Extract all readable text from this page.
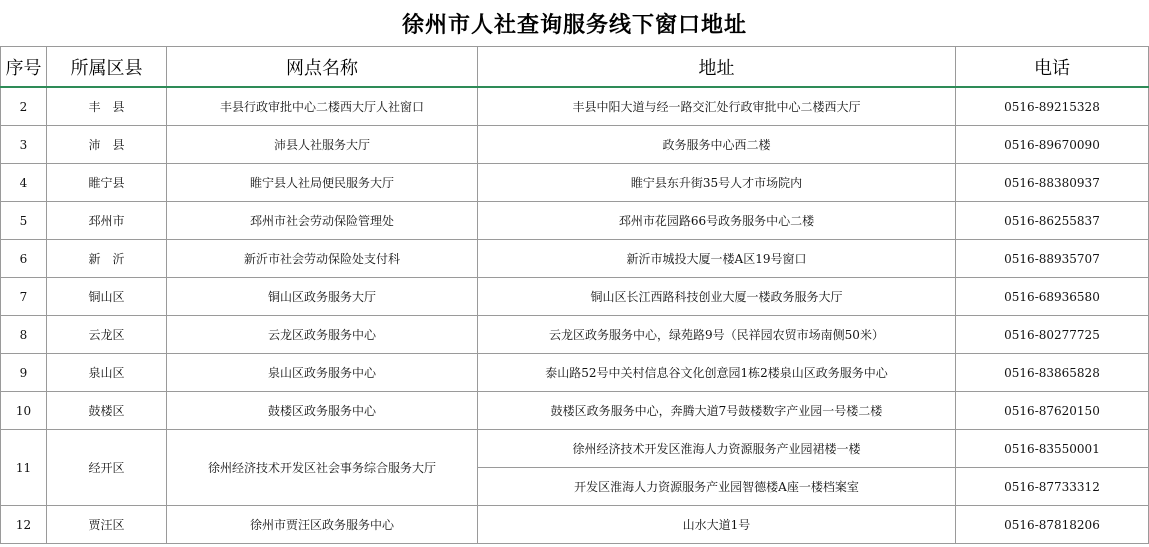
徐州市人社查询服务线下窗口地址
序号	所属区县	网点名称	地址	电话
2	丰　县	丰县行政审批中心二楼西大厅人社窗口	丰县中阳大道与经一路交汇处行政审批中心二楼西大厅	0516-89215328
3	沛　县	沛县人社服务大厅	政务服务中心西二楼	0516-89670090
4	睢宁县	睢宁县人社局便民服务大厅	睢宁县东升街35号人才市场院内	0516-88380937
5	邳州市	邳州市社会劳动保险管理处	邳州市花园路66号政务服务中心二楼	0516-86255837
6	新　沂	新沂市社会劳动保险处支付科	新沂市城投大厦一楼A区19号窗口	0516-88935707
7	铜山区	铜山区政务服务大厅	铜山区长江西路科技创业大厦一楼政务服务大厅	0516-68936580
8	云龙区	云龙区政务服务中心	云龙区政务服务中心，绿苑路9号（民祥园农贸市场南侧50米）	0516-80277725
9	泉山区	泉山区政务服务中心	泰山路52号中关村信息谷文化创意园1栋2楼泉山区政务服务中心	0516-83865828
10	鼓楼区	鼓楼区政务服务中心	鼓楼区政务服务中心，奔腾大道7号鼓楼数字产业园一号楼二楼	0516-87620150
11	经开区	徐州经济技术开发区社会事务综合服务大厅	徐州经济技术开发区淮海人力资源服务产业园裙楼一楼	0516-83550001
			开发区淮海人力资源服务产业园智德楼A座一楼档案室	0516-87733312
12	贾汪区	徐州市贾汪区政务服务中心	山水大道1号	0516-87818206
